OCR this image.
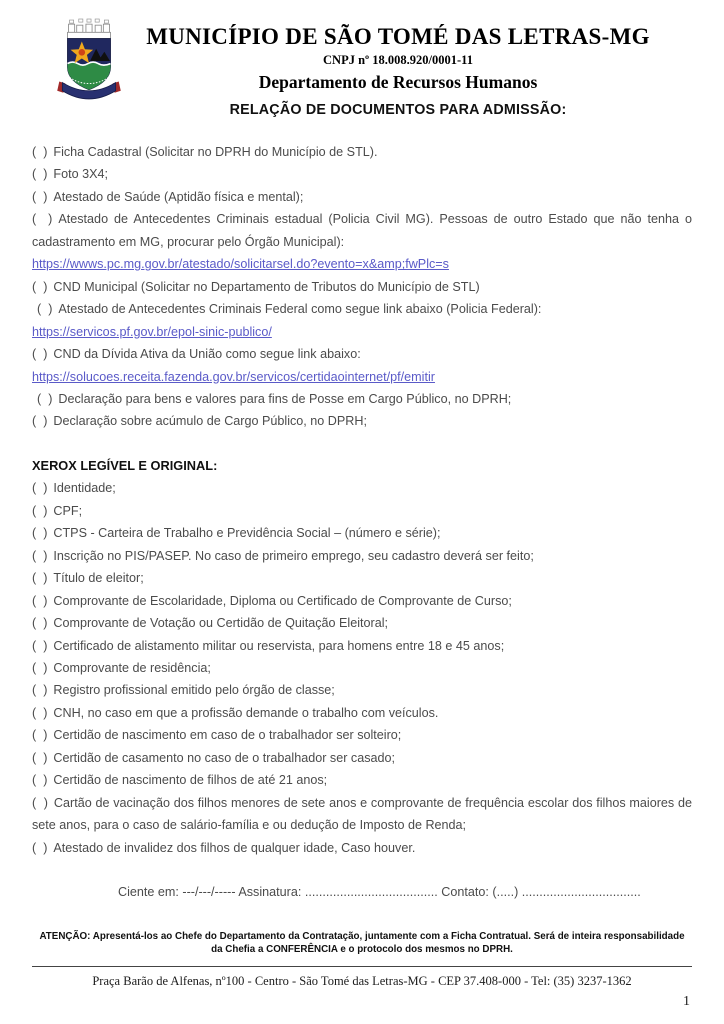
MUNICÍPIO DE SÃO TOMÉ DAS LETRAS-MG
CNPJ nº 18.008.920/0001-11
Departamento de Recursos Humanos
RELAÇÃO DE DOCUMENTOS PARA ADMISSÃO:
(  ) Ficha Cadastral (Solicitar no DPRH do Município de STL).
(  ) Foto 3X4;
(  ) Atestado de Saúde (Aptidão física e mental);
(  ) Atestado de Antecedentes Criminais estadual (Policia Civil MG). Pessoas de outro Estado que não tenha o cadastramento em MG, procurar pelo Órgão Municipal):
https://wwws.pc.mg.gov.br/atestado/solicitarsel.do?evento=x&amp;fwPlc=s
(  ) CND Municipal (Solicitar no Departamento de Tributos do Município de STL)
(  ) Atestado de Antecedentes Criminais Federal como segue link abaixo (Policia Federal):
https://servicos.pf.gov.br/epol-sinic-publico/
(  ) CND da Dívida Ativa da União como segue link abaixo:
https://solucoes.receita.fazenda.gov.br/servicos/certidaointernet/pf/emitir
(  ) Declaração para bens e valores para fins de Posse em Cargo Público, no DPRH;
(  ) Declaração sobre acúmulo de Cargo Público, no DPRH;
XEROX LEGÍVEL E ORIGINAL:
(  ) Identidade;
(  ) CPF;
(  ) CTPS - Carteira de Trabalho e Previdência Social – (número e série);
(  ) Inscrição no PIS/PASEP. No caso de primeiro emprego, seu cadastro deverá ser feito;
(  ) Título de eleitor;
(  ) Comprovante de Escolaridade, Diploma ou Certificado de Comprovante de Curso;
(  ) Comprovante de Votação ou Certidão de Quitação Eleitoral;
(  ) Certificado de alistamento militar ou reservista, para homens entre 18 e 45 anos;
(  ) Comprovante de residência;
(  ) Registro profissional emitido pelo órgão de classe;
(  ) CNH, no caso em que a profissão demande o trabalho com veículos.
(  ) Certidão de nascimento em caso de o trabalhador ser solteiro;
(  ) Certidão de casamento no caso de o trabalhador ser casado;
(  ) Certidão de nascimento de filhos de até 21 anos;
(  ) Cartão de vacinação dos filhos menores de sete anos e comprovante de frequência escolar dos filhos maiores de sete anos, para o caso de salário-família e ou dedução de Imposto de Renda;
(  ) Atestado de invalidez dos filhos de qualquer idade, Caso houver.
Ciente em: ---/---/----- Assinatura: ...................................... Contato: (.....) ..................................
ATENÇÃO: Apresentá-los ao Chefe do Departamento da Contratação, juntamente com a Ficha Contratual. Será de inteira responsabilidade da Chefia a CONFERÊNCIA e o protocolo dos mesmos no DPRH.
Praça Barão de Alfenas, nº100 - Centro - São Tomé das Letras-MG - CEP 37.408-000 - Tel: (35) 3237-1362
1
